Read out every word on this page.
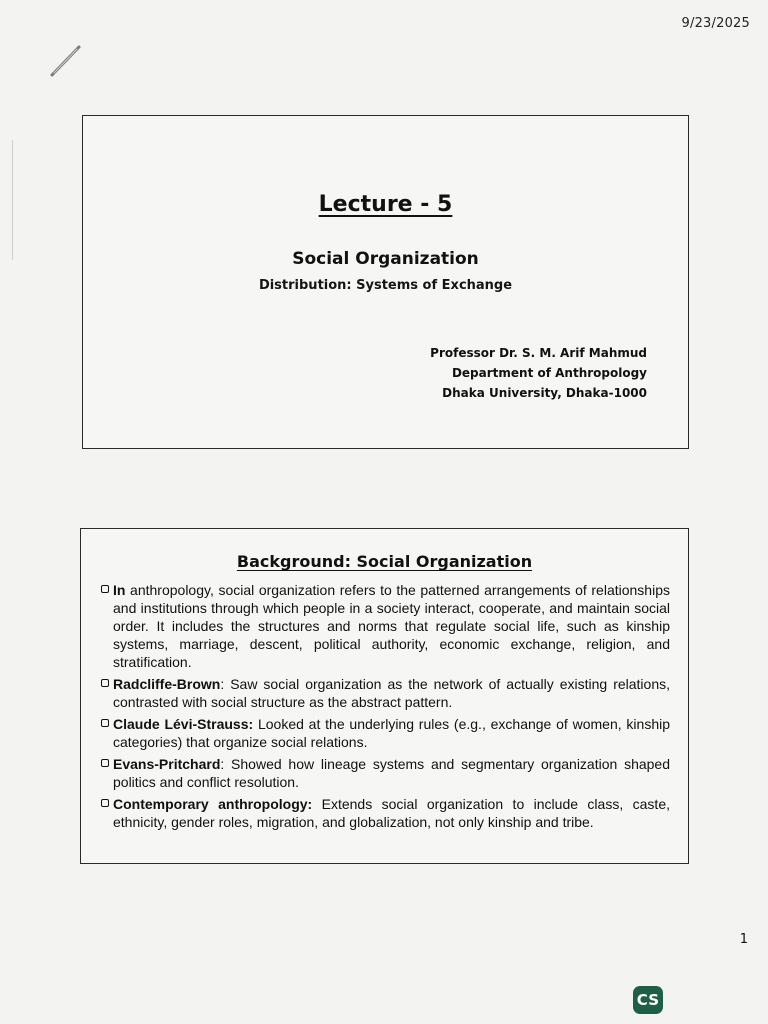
9/23/2025
Lecture - 5
Social Organization
Distribution: Systems of Exchange
Professor Dr. S. M. Arif Mahmud
Department of Anthropology
Dhaka University, Dhaka-1000
Background: Social Organization
In anthropology, social organization refers to the patterned arrangements of relationships and institutions through which people in a society interact, cooperate, and maintain social order. It includes the structures and norms that regulate social life, such as kinship systems, marriage, descent, political authority, economic exchange, religion, and stratification.
Radcliffe-Brown: Saw social organization as the network of actually existing relations, contrasted with social structure as the abstract pattern.
Claude Lévi-Strauss: Looked at the underlying rules (e.g., exchange of women, kinship categories) that organize social relations.
Evans-Pritchard: Showed how lineage systems and segmentary organization shaped politics and conflict resolution.
Contemporary anthropology: Extends social organization to include class, caste, ethnicity, gender roles, migration, and globalization, not only kinship and tribe.
1
CS
